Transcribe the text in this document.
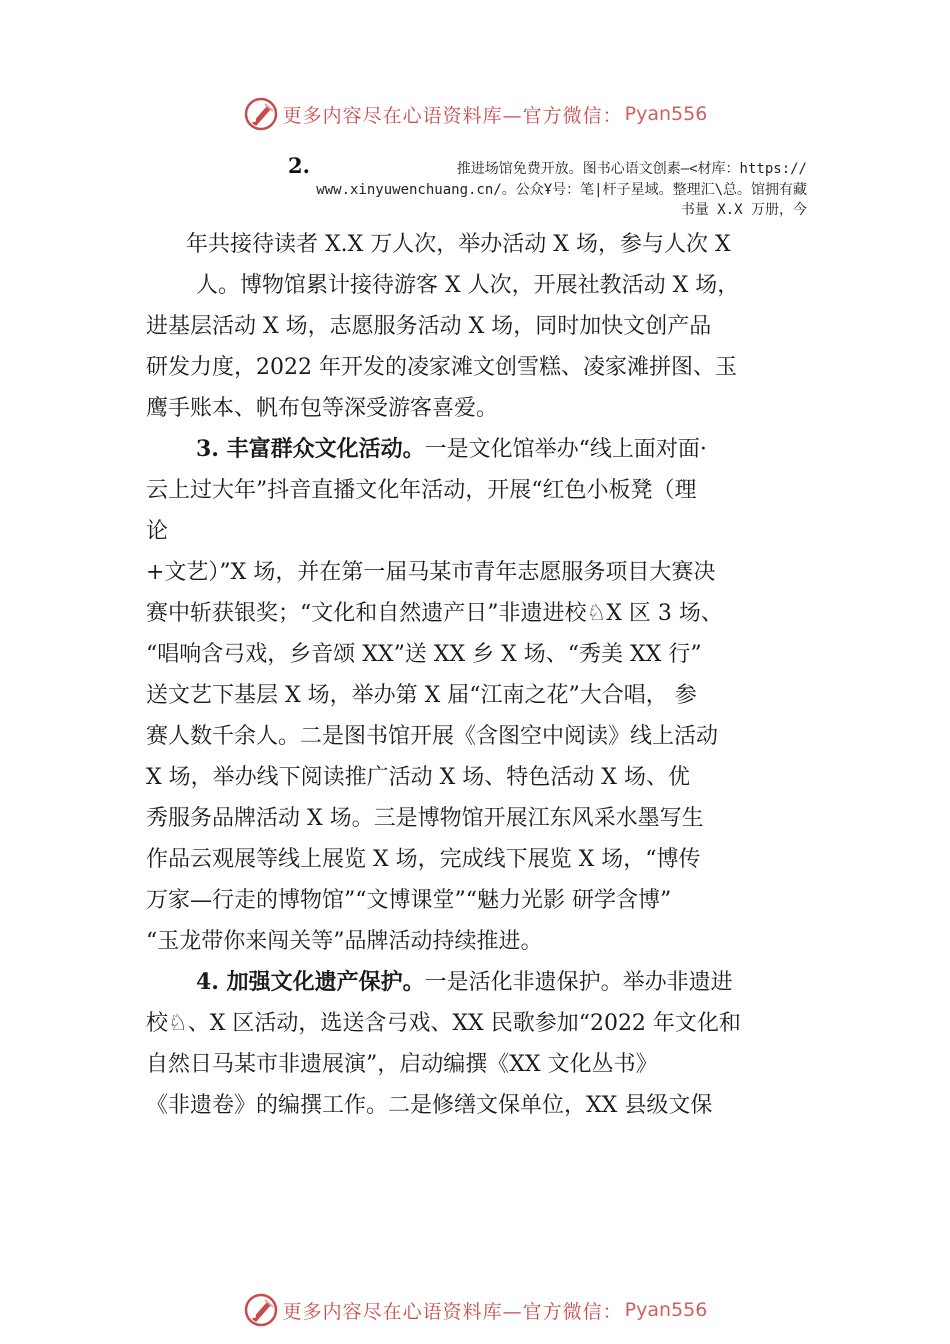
更多内容尽在心语资料库—官方微信： Pyan556
2.	推进场馆免费开放。图书心语文创素—<材库：https://
www.xinyuwenchuang.cn/。公众Ұ号：笔|杆子星域。整理汇\总。馆拥有藏
书量 X.X 万册，今
年共接待读者 X.X 万人次，举办活动 X 场，参与人次 X
人。博物馆累计接待游客 X 人次，开展社教活动 X 场，
进基层活动 X 场，志愿服务活动 X 场，同时加快文创产品
研发力度，2022 年开发的凌家滩文创雪糕、凌家滩拼图、玉
鹰手账本、帆布包等深受游客喜爱。
3. 丰富群众文化活动。一是文化馆举办“线上面对面·
云上过大年”抖音直播文化年活动，开展“红色小板凳（理
论
+文艺）”X 场，并在第一届马某市青年志愿服务项目大赛决
赛中斩获银奖；“文化和自然遗产日”非遗进校♘X 区 3 场、
“唱响含弓戏，乡音颂 XX”送 XX 乡 X 场、“秀美 XX 行”
送文艺下基层 X 场，举办第 X 届“江南之花”大合唱， 参
赛人数千余人。二是图书馆开展《含图空中阅读》线上活动
X 场，举办线下阅读推广活动 X 场、特色活动 X 场、优
秀服务品牌活动 X 场。三是博物馆开展江东风采水墨写生
作品云观展等线上展览 X 场，完成线下展览 X 场，“博传
万家—行走的博物馆”“文博课堂”“魅力光影 研学含博”
“玉龙带你来闯关等”品牌活动持续推进。
4. 加强文化遗产保护。一是活化非遗保护。举办非遗进
校♘、X 区活动，选送含弓戏、XX 民歌参加“2022 年文化和
自然日马某市非遗展演”，启动编撰《XX 文化丛书》
《非遗卷》的编撰工作。二是修缮文保单位，XX 县级文保
更多内容尽在心语资料库—官方微信： Pyan556
